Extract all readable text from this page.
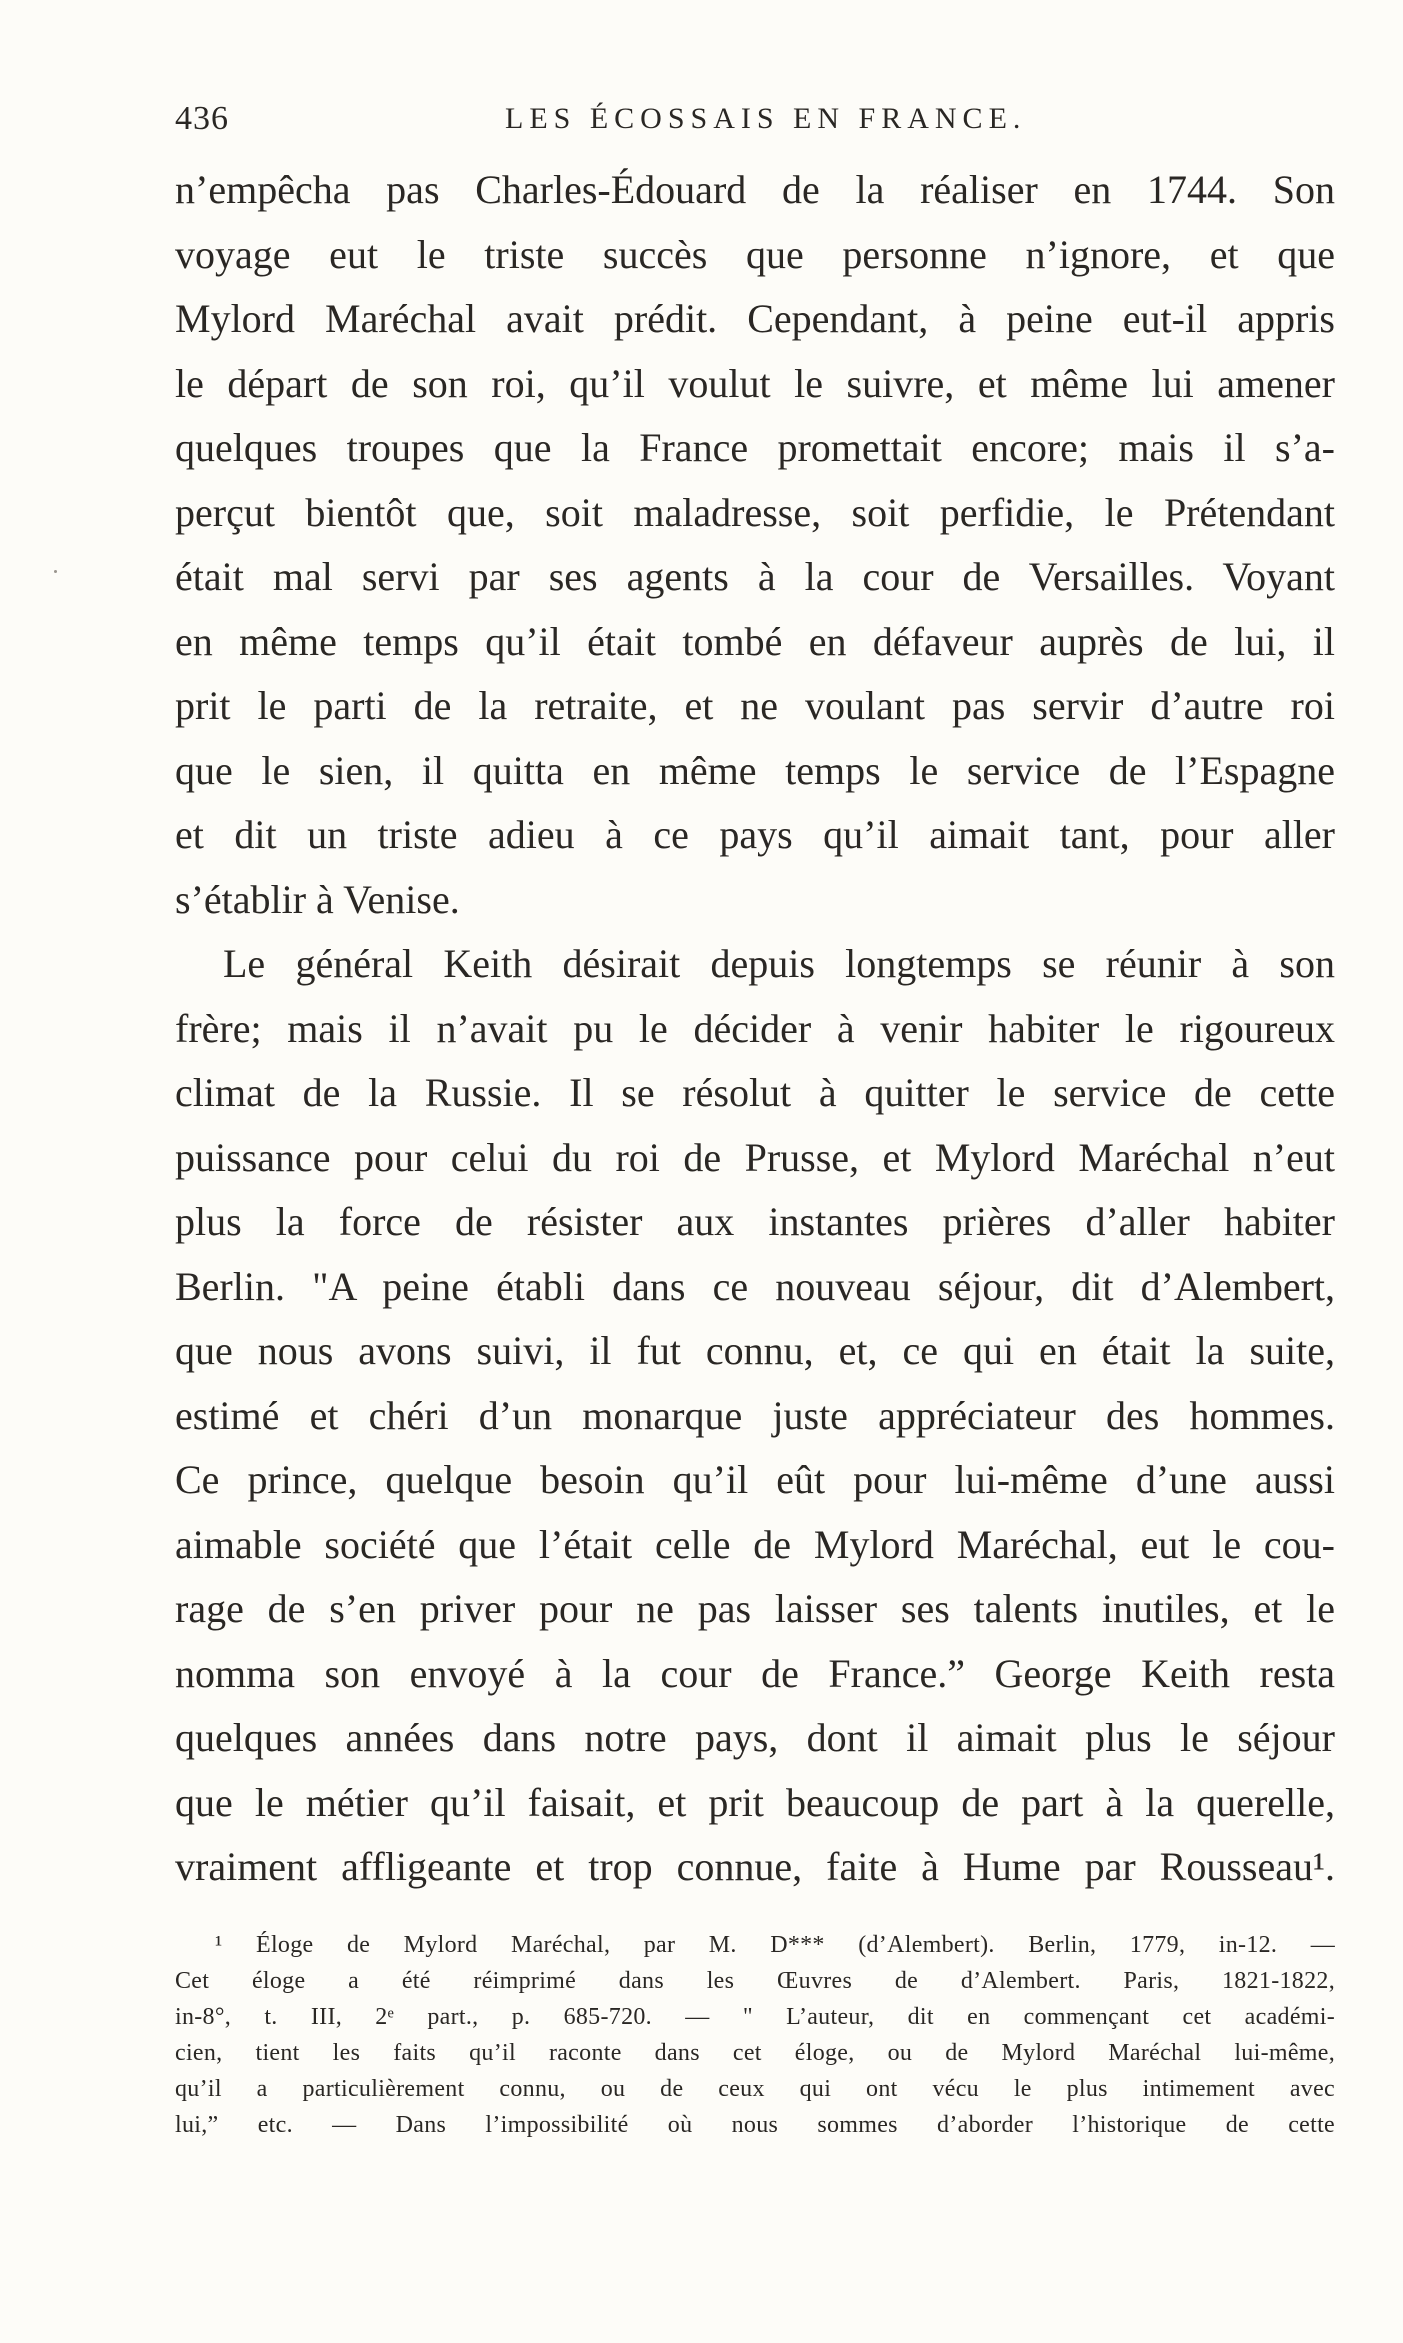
436	LES ÉCOSSAIS EN FRANCE.
n’empêcha pas Charles-Édouard de la réaliser en 1744. Son
voyage eut le triste succès que personne n’ignore, et que
Mylord Maréchal avait prédit. Cependant, à peine eut-il appris
le départ de son roi, qu’il voulut le suivre, et même lui amener
quelques troupes que la France promettait encore; mais il s’a-
perçut bientôt que, soit maladresse, soit perfidie, le Prétendant
était mal servi par ses agents à la cour de Versailles. Voyant
en même temps qu’il était tombé en défaveur auprès de lui, il
prit le parti de la retraite, et ne voulant pas servir d’autre roi
que le sien, il quitta en même temps le service de l’Espagne
et dit un triste adieu à ce pays qu’il aimait tant, pour aller
s’établir à Venise.
Le général Keith désirait depuis longtemps se réunir à son
frère; mais il n’avait pu le décider à venir habiter le rigoureux
climat de la Russie. Il se résolut à quitter le service de cette
puissance pour celui du roi de Prusse, et Mylord Maréchal n’eut
plus la force de résister aux instantes prières d’aller habiter
Berlin. "A peine établi dans ce nouveau séjour, dit d’Alembert,
que nous avons suivi, il fut connu, et, ce qui en était la suite,
estimé et chéri d’un monarque juste appréciateur des hommes.
Ce prince, quelque besoin qu’il eût pour lui-même d’une aussi
aimable société que l’était celle de Mylord Maréchal, eut le cou-
rage de s’en priver pour ne pas laisser ses talents inutiles, et le
nomma son envoyé à la cour de France.” George Keith resta
quelques années dans notre pays, dont il aimait plus le séjour
que le métier qu’il faisait, et prit beaucoup de part à la querelle,
vraiment affligeante et trop connue, faite à Hume par Rousseau¹.
¹ Éloge de Mylord Maréchal, par M. D*** (d’Alembert). Berlin, 1779, in-12. —
Cet éloge a été réimprimé dans les Œuvres de d’Alembert. Paris, 1821-1822,
in-8°, t. III, 2ᵉ part., p. 685-720. — " L’auteur, dit en commençant cet académi-
cien, tient les faits qu’il raconte dans cet éloge, ou de Mylord Maréchal lui-même,
qu’il a particulièrement connu, ou de ceux qui ont vécu le plus intimement avec
lui,” etc. — Dans l’impossibilité où nous sommes d’aborder l’historique de cette
